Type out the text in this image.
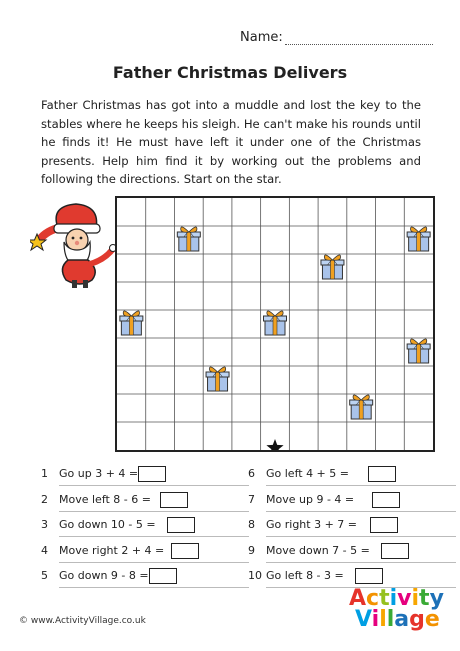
Name:
Father Christmas Delivers
Father Christmas has got into a muddle and lost the key to the stables where he keeps his sleigh. He can't make his rounds until he finds it! He must have left it under one of the Christmas presents. Help him find it by working out the problems and following the directions. Start on the star.
1	Go up 3 + 4 =
2	Move left 8 - 6 =
3	Go down 10 - 5 =
4	Move right 2 + 4 =
5	Go down 9 - 8 =
6	Go left 4 + 5 =
7	Move up 9 - 4 =
8	Go right 3 + 7 =
9	Move down 7 - 5 =
10 Go left 8 - 3 =
© www.ActivityVillage.co.uk
Activity
Village
